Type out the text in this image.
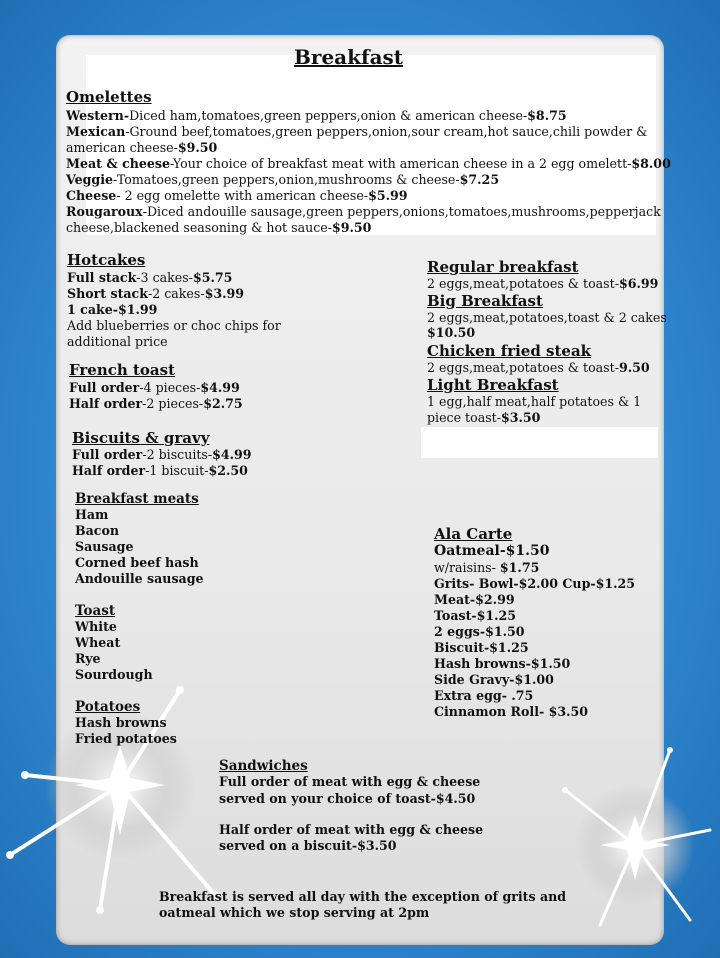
Breakfast
Omelettes
Western-Diced ham,tomatoes,green peppers,onion & american cheese-$8.75
Mexican-Ground beef,tomatoes,green peppers,onion,sour cream,hot sauce,chili powder &
american cheese-$9.50
Meat & cheese-Your choice of breakfast meat with american cheese in a 2 egg omelett-$8.00
Veggie-Tomatoes,green peppers,onion,mushrooms & cheese-$7.25
Cheese- 2 egg omelette with american cheese-$5.99
Rougaroux-Diced andouille sausage,green peppers,onions,tomatoes,mushrooms,pepperjack
cheese,blackened seasoning & hot sauce-$9.50
Hotcakes
Full stack-3 cakes-$5.75
Short stack-2 cakes-$3.99
1 cake-$1.99
Add blueberries or choc chips for
additional price
French toast
Full order-4 pieces-$4.99
Half order-2 pieces-$2.75
Biscuits & gravy
Full order-2 biscuits-$4.99
Half order-1 biscuit-$2.50
Breakfast meats
Ham
Bacon
Sausage
Corned beef hash
Andouille sausage
Toast
White
Wheat
Rye
Sourdough
Potatoes
Hash browns
Fried potatoes
Regular breakfast
2 eggs,meat,potatoes & toast-$6.99
Big Breakfast
2 eggs,meat,potatoes,toast & 2 cakes
$10.50
Chicken fried steak
2 eggs,meat,potatoes & toast-9.50
Light Breakfast
1 egg,half meat,half potatoes & 1
piece toast-$3.50
Ala Carte
Oatmeal-$1.50
w/raisins- $1.75
Grits- Bowl-$2.00 Cup-$1.25
Meat-$2.99
Toast-$1.25
2 eggs-$1.50
Biscuit-$1.25
Hash browns-$1.50
Side Gravy-$1.00
Extra egg- .75
Cinnamon Roll- $3.50
Sandwiches
Full order of meat with egg & cheese
served on your choice of toast-$4.50
Half order of meat with egg & cheese
served on a biscuit-$3.50
Breakfast is served all day with the exception of grits and
oatmeal which we stop serving at 2pm
